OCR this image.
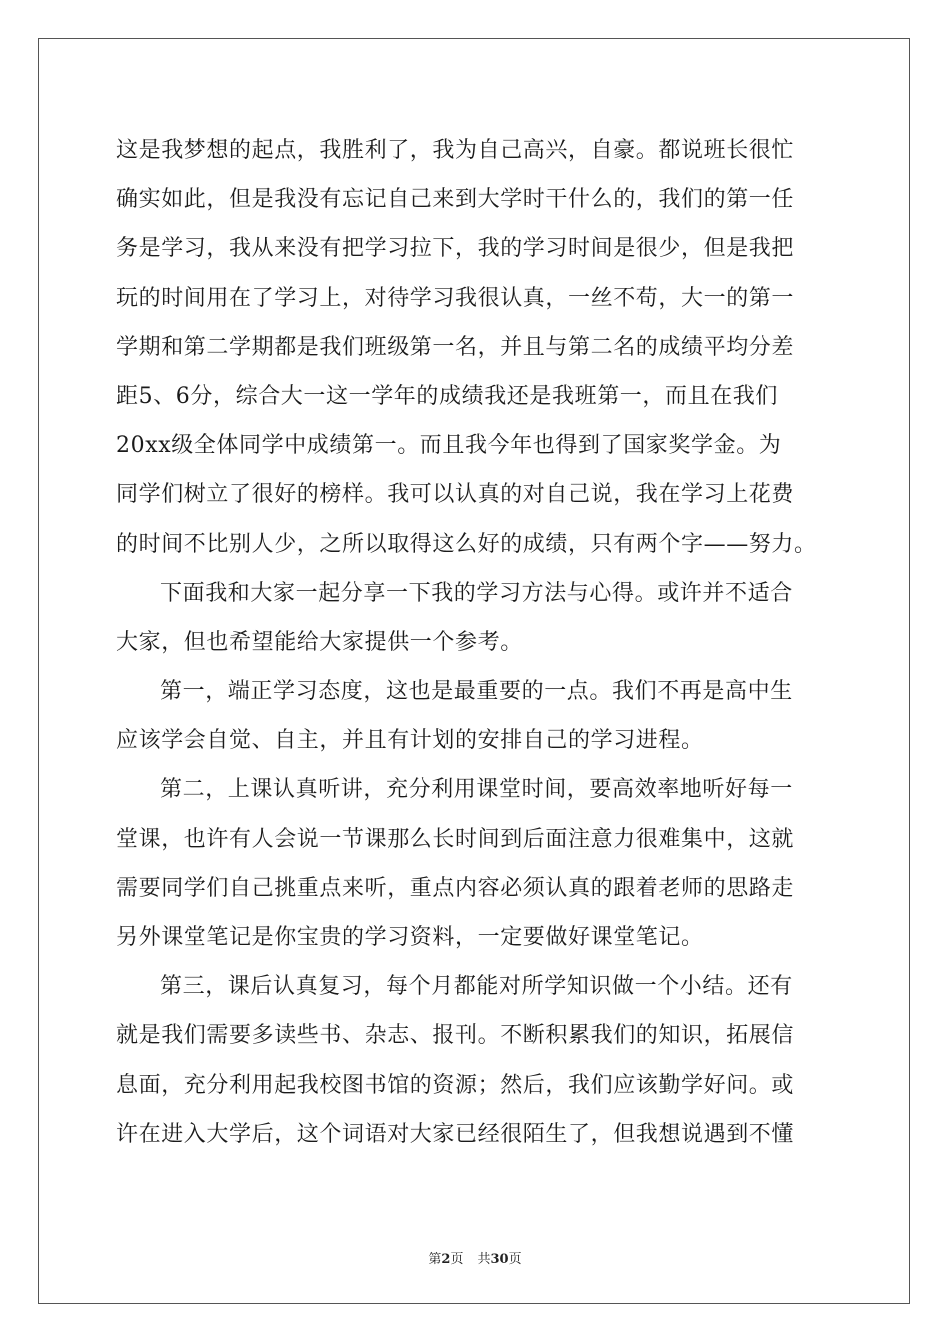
这是我梦想的起点，我胜利了，我为自己高兴，自豪。都说班长很忙
确实如此，但是我没有忘记自己来到大学时干什么的，我们的第一任
务是学习，我从来没有把学习拉下，我的学习时间是很少，但是我把
玩的时间用在了学习上，对待学习我很认真，一丝不苟，大一的第一
学期和第二学期都是我们班级第一名，并且与第二名的成绩平均分差
距5、6分，综合大一这一学年的成绩我还是我班第一，而且在我们
20xx级全体同学中成绩第一。而且我今年也得到了国家奖学金。为
同学们树立了很好的榜样。我可以认真的对自己说，我在学习上花费
的时间不比别人少，之所以取得这么好的成绩，只有两个字——努力。
下面我和大家一起分享一下我的学习方法与心得。或许并不适合
大家，但也希望能给大家提供一个参考。
第一，端正学习态度，这也是最重要的一点。我们不再是高中生
应该学会自觉、自主，并且有计划的安排自己的学习进程。
第二，上课认真听讲，充分利用课堂时间，要高效率地听好每一
堂课，也许有人会说一节课那么长时间到后面注意力很难集中，这就
需要同学们自己挑重点来听，重点内容必须认真的跟着老师的思路走
另外课堂笔记是你宝贵的学习资料，一定要做好课堂笔记。
第三，课后认真复习，每个月都能对所学知识做一个小结。还有
就是我们需要多读些书、杂志、报刊。不断积累我们的知识，拓展信
息面，充分利用起我校图书馆的资源；然后，我们应该勤学好问。或
许在进入大学后，这个词语对大家已经很陌生了，但我想说遇到不懂
第2页 共30页
